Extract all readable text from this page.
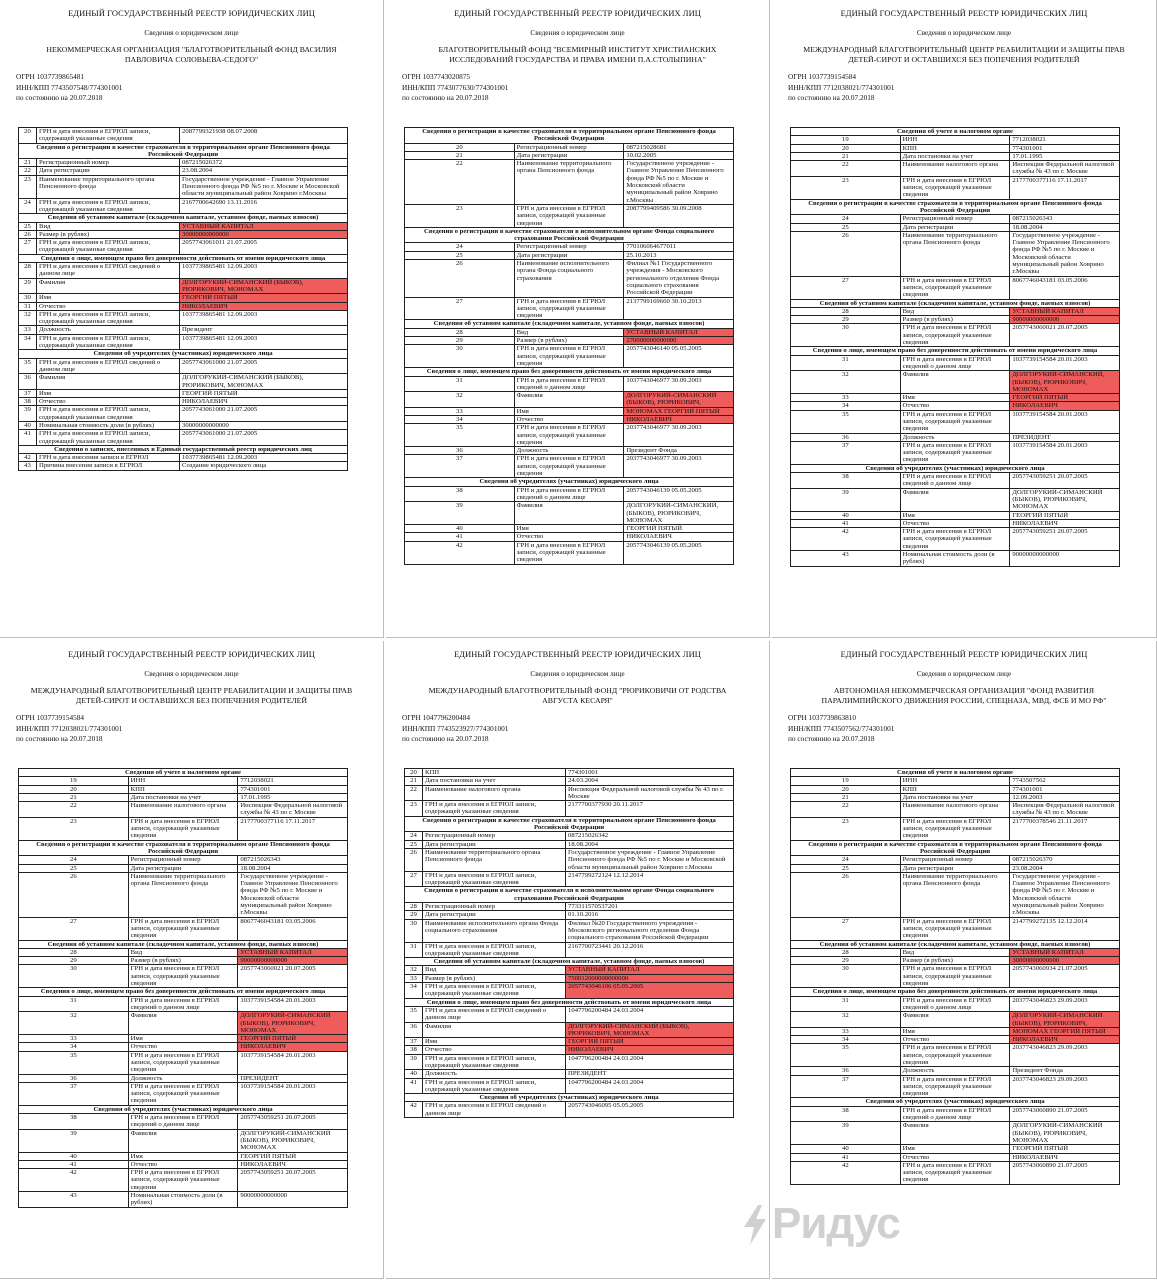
ЕДИНЫЙ ГОСУДАРСТВЕННЫЙ РЕЕСТР ЮРИДИЧЕСКИХ ЛИЦ
Сведения о юридическом лице
НЕКОММЕРЧЕСКАЯ ОРГАНИЗАЦИЯ "БЛАГОТВОРИТЕЛЬНЫЙ ФОНД ВАСИЛИЯ ПАВЛОВИЧА СОЛОВЬЕВА-СЕДОГО"
ОГРН 1037739865481
ИНН/КПП 7743507548/774301001
по состоянию на 20.07.2018
20	ГРН и дата внесения в ЕГРЮЛ записи, содержащей указанные сведения	2087799321938 08.07.2008
Сведения о регистрации в качестве страхователя в территориальном органе Пенсионного фонда Российской Федерации		
21	Регистрационный номер	087215026372
22	Дата регистрации	23.08.2004
23	Наименование территориального органа Пенсионного фонда	Государственное учреждение - Главное Управление Пенсионного фонда РФ №5 по г. Москве и Московской области муниципальный район Ховрино г.Москвы
24	ГРН и дата внесения в ЕГРЮЛ записи, содержащей указанные сведения	2167700642690 13.11.2016
Сведения об уставном капитале (складочном капитале, уставном фонде, паевых взносов)		
25	Вид	УСТАВНЫЙ КАПИТАЛ
26	Размер (в рублях)	30000000000000
27	ГРН и дата внесения в ЕГРЮЛ записи, содержащей указанные сведения	2057743061011 21.07.2005
Сведения о лице, имеющем право без доверенности действовать от имени юридического лица		
28	ГРН и дата внесения в ЕГРЮЛ сведений о данном лице	1037739865481 12.09.2003
29	Фамилия	ДОЛГОРУКИЙ-СИМАНСКИЙ (БЫКОВ), РЮРИКОВИЧ, МОНОМАХ
30	Имя	ГЕОРГИЙ ПЯТЫЙ
31	Отчество	НИКОЛАЕВИЧ
32	ГРН и дата внесения в ЕГРЮЛ записи, содержащей указанные сведения	1037739865481 12.09.2003
33	Должность	Президент
34	ГРН и дата внесения в ЕГРЮЛ записи, содержащей указанные сведения	1037739865481 12.09.2003
Сведения об учредителях (участниках) юридического лица		
35	ГРН и дата внесения в ЕГРЮЛ сведений о данном лице	2057743061000 21.07.2005
36	Фамилия	ДОЛГОРУКИЙ-СИМАНСКИЙ (БЫКОВ), РЮРИКОВИЧ, МОНОМАХ
37	Имя	ГЕОРГИЙ ПЯТЫЙ
38	Отчество	НИКОЛАЕВИЧ
39	ГРН и дата внесения в ЕГРЮЛ записи, содержащей указанные сведения	2057743061000 21.07.2005
40	Номинальная стоимость доли (в рублях)	30000000000000
41	ГРН и дата внесения в ЕГРЮЛ записи, содержащей указанные сведения	2057743061000 21.07.2005
Сведения о записях, внесенных в Единый государственный реестр юридических лиц		
42	ГРН и дата внесения записи в ЕГРЮЛ	1037739865481 12.09.2003
43	Причина внесения записи в ЕГРЮЛ	Создание юридического лица
ЕДИНЫЙ ГОСУДАРСТВЕННЫЙ РЕЕСТР ЮРИДИЧЕСКИХ ЛИЦ
Сведения о юридическом лице
БЛАГОТВОРИТЕЛЬНЫЙ ФОНД "ВСЕМИРНЫЙ ИНСТИТУТ ХРИСТИАНСКИХ ИССЛЕДОВАНИЙ ГОСУДАРСТВА И ПРАВА ИМЕНИ П.А.СТОЛЫПИНА"
ОГРН 1037743020875
ИНН/КПП 7743077630/774301001
по состоянию на 20.07.2018
Сведения о регистрации в качестве страхователя в территориальном органе Пенсионного фонда Российской Федерации		
20	Регистрационный номер	087215028681
21	Дата регистрации	10.02.2005
22	Наименование территориального органа Пенсионного фонда	Государственное учреждение - Главное Управление Пенсионного фонда РФ №5 по г. Москве и Московской области муниципальный район Ховрино г.Москвы
23	ГРН и дата внесения в ЕГРЮЛ записи, содержащей указанные сведения	2087799409586 30.09.2008
Сведения о регистрации в качестве страхователя в исполнительном органе Фонда социального страхования Российской Федерации		
24	Регистрационный номер	770106064677011
25	Дата регистрации	25.10.2013
26	Наименование исполнительного органа Фонда социального страхования	Филиал №1 Государственного учреждения - Московского регионального отделения Фонда социального страхования Российской Федерации
27	ГРН и дата внесения в ЕГРЮЛ записи, содержащей указанные сведения	2137799169660 30.10.2013
Сведения об уставном капитале (складочном капитале, уставном фонде, паевых взносов)		
28	Вид	УСТАВНЫЙ КАПИТАЛ
29	Размер (в рублях)	270000000000000
30	ГРН и дата внесения в ЕГРЮЛ записи, содержащей указанные сведения	2057743046140 05.05.2005
Сведения о лице, имеющем право без доверенности действовать от имени юридического лица		
31	ГРН и дата внесения в ЕГРЮЛ сведений о данном лице	1037743046977 30.09.2003
32	Фамилия	ДОЛГОРУКИЙ-СИМАНСКИЙ (БЫКОВ), РЮРИКОВИЧ,
33	Имя	МОНОМАХ ГЕОРГИЙ ПЯТЫЙ
34	Отчество	НИКОЛАЕВИЧ
35	ГРН и дата внесения в ЕГРЮЛ записи, содержащей указанные сведения	2037743046977 30.09.2003
36	Должность	Президент Фонда
37	ГРН и дата внесения в ЕГРЮЛ записи, содержащей указанные сведения	2037743046977 30.09.2003
Сведения об учредителях (участниках) юридического лица		
38	ГРН и дата внесения в ЕГРЮЛ сведений о данном лице	2057743046139 05.05.2005
39	Фамилия	ДОЛГОРУКИЙ-СИМАНСКИЙ, (БЫКОВ), РЮРИКОВИЧ, МОНОМАХ
40	Имя	ГЕОРГИЙ ПЯТЫЙ
41	Отчество	НИКОЛАЕВИЧ
42	ГРН и дата внесения в ЕГРЮЛ записи, содержащей указанные сведения	2057743046139 05.05.2005
ЕДИНЫЙ ГОСУДАРСТВЕННЫЙ РЕЕСТР ЮРИДИЧЕСКИХ ЛИЦ
Сведения о юридическом лице
МЕЖДУНАРОДНЫЙ БЛАГОТВОРИТЕЛЬНЫЙ ЦЕНТР РЕАБИЛИТАЦИИ И ЗАЩИТЫ ПРАВ ДЕТЕЙ-СИРОТ И ОСТАВШИХСЯ БЕЗ ПОПЕЧЕНИЯ РОДИТЕЛЕЙ
ОГРН 1037739154584
ИНН/КПП 7712038021/774301001
по состоянию на 20.07.2018
Сведения об учете в налоговом органе		
19	ИНН	7712038021
20	КПП	774301001
21	Дата постановки на учет	17.01.1995
22	Наименование налогового органа	Инспекция Федеральной налоговой службы № 43 по г. Москве
23	ГРН и дата внесения в ЕГРЮЛ записи, содержащей указанные сведения	2177700377116 17.11.2017
Сведения о регистрации в качестве страхователя в территориальном органе Пенсионного фонда Российской Федерации		
24	Регистрационный номер	087215026343
25	Дата регистрации	18.08.2004
26	Наименование территориального органа Пенсионного фонда	Государственное учреждение - Главное Управление Пенсионного фонда РФ №5 по г. Москве и Московской области муниципальный район Ховрино г.Москвы
27	ГРН и дата внесения в ЕГРЮЛ записи, содержащей указанные сведения	8067746043181 03.05.2006
Сведения об уставном капитале (складочном капитале, уставном фонде, паевых взносов)		
28	Вид	УСТАВНЫЙ КАПИТАЛ
29	Размер (в рублях)	90000000000000
30	ГРН и дата внесения в ЕГРЮЛ записи, содержащей указанные сведения	2057743060021 20.07.2005
Сведения о лице, имеющем право без доверенности действовать от имени юридического лица		
31	ГРН и дата внесения в ЕГРЮЛ сведений о данном лице	1037739154584 20.01.2003
32	Фамилия	ДОЛГОРУКИЙ-СИМАНСКИЙ, (БЫКОВ), РЮРИКОВИЧ, МОНОМАХ
33	Имя	ГЕОРГИЙ ПЯТЫЙ
34	Отчество	НИКОЛАЕВИЧ
35	ГРН и дата внесения в ЕГРЮЛ записи, содержащей указанные сведения	1037739154584 20.01.2003
36	Должность	ПРЕЗИДЕНТ
37	ГРН и дата внесения в ЕГРЮЛ записи, содержащей указанные сведения	1037739154584 20.01.2003
Сведения об учредителях (участниках) юридического лица		
38	ГРН и дата внесения в ЕГРЮЛ сведений о данном лице	2057743059251 20.07.2005
39	Фамилия	ДОЛГОРУКИЙ-СИМАНСКИЙ (БЫКОВ), РЮРИКОВИЧ, МОНОМАХ
40	Имя	ГЕОРГИЙ ПЯТЫЙ
41	Отчество	НИКОЛАЕВИЧ
42	ГРН и дата внесения в ЕГРЮЛ записи, содержащей указанные сведения	2057743059251 20.07.2005
43	Номинальная стоимость доли (в рублях)	90000000000000
ЕДИНЫЙ ГОСУДАРСТВЕННЫЙ РЕЕСТР ЮРИДИЧЕСКИХ ЛИЦ
Сведения о юридическом лице
МЕЖДУНАРОДНЫЙ БЛАГОТВОРИТЕЛЬНЫЙ ЦЕНТР РЕАБИЛИТАЦИИ И ЗАЩИТЫ ПРАВ ДЕТЕЙ-СИРОТ И ОСТАВШИХСЯ БЕЗ ПОПЕЧЕНИЯ РОДИТЕЛЕЙ
ОГРН 1037739154584
ИНН/КПП 7712038021/774301001
по состоянию на 20.07.2018
Сведения об учете в налоговом органе		
19	ИНН	7712038021
20	КПП	774301001
21	Дата постановки на учет	17.01.1995
22	Наименование налогового органа	Инспекция Федеральной налоговой службы № 43 по г. Москве
23	ГРН и дата внесения в ЕГРЮЛ записи, содержащей указанные сведения	2177700377116 17.11.2017
Сведения о регистрации в качестве страхователя в территориальном органе Пенсионного фонда Российской Федерации		
24	Регистрационный номер	087215026343
25	Дата регистрации	18.08.2004
26	Наименование территориального органа Пенсионного фонда	Государственное учреждение - Главное Управление Пенсионного фонда РФ №5 по г. Москве и Московской области муниципальный район Ховрино г.Москвы
27	ГРН и дата внесения в ЕГРЮЛ записи, содержащей указанные сведения	8067746043181 03.05.2006
Сведения об уставном капитале (складочном капитале, уставном фонде, паевых взносов)		
28	Вид	УСТАВНЫЙ КАПИТАЛ
29	Размер (в рублях)	90000000000000
30	ГРН и дата внесения в ЕГРЮЛ записи, содержащей указанные сведения	2057743060021 20.07.2005
Сведения о лице, имеющем право без доверенности действовать от имени юридического лица		
31	ГРН и дата внесения в ЕГРЮЛ сведений о данном лице	1037739154584 20.01.2003
32	Фамилия	ДОЛГОРУКИЙ-СИМАНСКИЙ (БЫКОВ), РЮРИКОВИЧ, МОНОМАХ
33	Имя	ГЕОРГИЙ ПЯТЫЙ
34	Отчество	НИКОЛАЕВИЧ
35	ГРН и дата внесения в ЕГРЮЛ записи, содержащей указанные сведения	1037739154584 20.01.2003
36	Должность	ПРЕЗИДЕНТ
37	ГРН и дата внесения в ЕГРЮЛ записи, содержащей указанные сведения	1037739154584 20.01.2003
Сведения об учредителях (участниках) юридического лица		
38	ГРН и дата внесения в ЕГРЮЛ сведений о данном лице	2057743059251 20.07.2005
39	Фамилия	ДОЛГОРУКИЙ-СИМАНСКИЙ (БЫКОВ), РЮРИКОВИЧ, МОНОМАХ
40	Имя	ГЕОРГИЙ ПЯТЫЙ
41	Отчество	НИКОЛАЕВИЧ
42	ГРН и дата внесения в ЕГРЮЛ записи, содержащей указанные сведения	2057743059251 20.07.2005
43	Номинальная стоимость доли (в рублях)	90000000000000
ЕДИНЫЙ ГОСУДАРСТВЕННЫЙ РЕЕСТР ЮРИДИЧЕСКИХ ЛИЦ
Сведения о юридическом лице
МЕЖДУНАРОДНЫЙ БЛАГОТВОРИТЕЛЬНЫЙ ФОНД "РЮРИКОВИЧИ ОТ РОДСТВА АВГУСТА КЕСАРЯ"
ОГРН 1047796200484
ИНН/КПП 7743523927/774301001
по состоянию на 20.07.2018
20	КПП	774301001
21	Дата постановки на учет	24.03.2004
22	Наименование налогового органа	Инспекция Федеральной налоговой службы № 43 по г. Москве
23	ГРН и дата внесения в ЕГРЮЛ записи, содержащей указанные сведения	2177700377930 20.11.2017
Сведения о регистрации в качестве страхователя в территориальном органе Пенсионного фонда Российской Федерации		
24	Регистрационный номер	087215026342
25	Дата регистрации	18.08.2004
26	Наименование территориального органа Пенсионного фонда	Государственное учреждение - Главное Управление Пенсионного фонда РФ №5 по г. Москве и Московской области муниципальный район Ховрино г.Москвы
27	ГРН и дата внесения в ЕГРЮЛ записи, содержащей указанные сведения	2147799272124 12.12.2014
Сведения о регистрации в качестве страхователя в исполнительном органе Фонда социального страхования Российской Федерации		
28	Регистрационный номер	773311570537201
29	Дата регистрации	01.10.2016
30	Наименование исполнительного органа Фонда социального страхования	Филиал №20 Государственного учреждения - Московского регионального отделения Фонда социального страхования Российской Федерации
31	ГРН и дата внесения в ЕГРЮЛ записи, содержащей указанные сведения	2167700723441 20.12.2016
Сведения об уставном капитале (складочном капитале, уставном фонде, паевых взносов)		
32	Вид	УСТАВНЫЙ КАПИТАЛ
33	Размер (в рублях)	750012000000000000
34	ГРН и дата внесения в ЕГРЮЛ записи, содержащей указанные сведения	2057743046106 05.05.2005
Сведения о лице, имеющем право без доверенности действовать от имени юридического лица		
35	ГРН и дата внесения в ЕГРЮЛ сведений о данном лице	1047796200484 24.03.2004
36	Фамилия	ДОЛГОРУКИЙ-СИМАНСКИЙ (БЫКОВ), РЮРИКОВИЧ, МОНОМАХ
37	Имя	ГЕОРГИЙ ПЯТЫЙ
38	Отчество	НИКОЛАЕВИЧ
39	ГРН и дата внесения в ЕГРЮЛ записи, содержащей указанные сведения	1047796200484 24.03.2004
40	Должность	ПРЕЗИДЕНТ
41	ГРН и дата внесения в ЕГРЮЛ записи, содержащей указанные сведения	1047796200484 24.03.2004
Сведения об учредителях (участниках) юридического лица		
42	ГРН и дата внесения в ЕГРЮЛ сведений о данном лице	2057743046095 05.05.2005
ЕДИНЫЙ ГОСУДАРСТВЕННЫЙ РЕЕСТР ЮРИДИЧЕСКИХ ЛИЦ
Сведения о юридическом лице
АВТОНОМНАЯ НЕКОММЕРЧЕСКАЯ ОРГАНИЗАЦИЯ "ФОНД РАЗВИТИЯ ПАРАЛИМПИЙСКОГО ДВИЖЕНИЯ РОССИИ, СПЕЦНАЗА, МВД, ФСБ И МО РФ"
ОГРН 1037739863810
ИНН/КПП 7743507562/774301001
по состоянию на 20.07.2018
Сведения об учете в налоговом органе		
19	ИНН	7743507562
20	КПП	774301001
21	Дата постановки на учет	12.09.2003
22	Наименование налогового органа	Инспекция Федеральной налоговой службы № 43 по г. Москве
23	ГРН и дата внесения в ЕГРЮЛ записи, содержащей указанные сведения	2177700378546 21.11.2017
Сведения о регистрации в качестве страхователя в территориальном органе Пенсионного фонда Российской Федерации		
24	Регистрационный номер	087215026370
25	Дата регистрации	23.08.2004
26	Наименование территориального органа Пенсионного фонда	Государственное учреждение - Главное Управление Пенсионного фонда РФ №5 по г. Москве и Московской области муниципальный район Ховрино г.Москвы
27	ГРН и дата внесения в ЕГРЮЛ записи, содержащей указанные сведения	2147799272135 12.12.2014
Сведения об уставном капитале (складочном капитале, уставном фонде, паевых взносов)		
28	Вид	УСТАВНЫЙ КАПИТАЛ
29	Размер (в рублях)	30000000000000
30	ГРН и дата внесения в ЕГРЮЛ записи, содержащей указанные сведения	2057743060934 21.07.2005
Сведения о лице, имеющем право без доверенности действовать от имени юридического лица		
31	ГРН и дата внесения в ЕГРЮЛ сведений о данном лице	2037743046823 29.09.2003
32	Фамилия	ДОЛГОРУКИЙ-СИМАНСКИЙ (БЫКОВ), РЮРИКОВИЧ,
33	Имя	МОНОМАХ ГЕОРГИЙ ПЯТЫЙ
34	Отчество	НИКОЛАЕВИЧ
35	ГРН и дата внесения в ЕГРЮЛ записи, содержащей указанные сведения	2037743046823 29.09.2003
36	Должность	Президент Фонда
37	ГРН и дата внесения в ЕГРЮЛ записи, содержащей указанные сведения	2037743046823 29.09.2003
Сведения об учредителях (участниках) юридического лица		
38	ГРН и дата внесения в ЕГРЮЛ сведений о данном лице	2057743060890 21.07.2005
39	Фамилия	ДОЛГОРУКИЙ-СИМАНСКИЙ (БЫКОВ), РЮРИКОВИЧ, МОНОМАХ
40	Имя	ГЕОРГИЙ ПЯТЫЙ
41	Отчество	НИКОЛАЕВИЧ
42	ГРН и дата внесения в ЕГРЮЛ записи, содержащей указанные сведения	2057743060890 21.07.2005
Ридус
